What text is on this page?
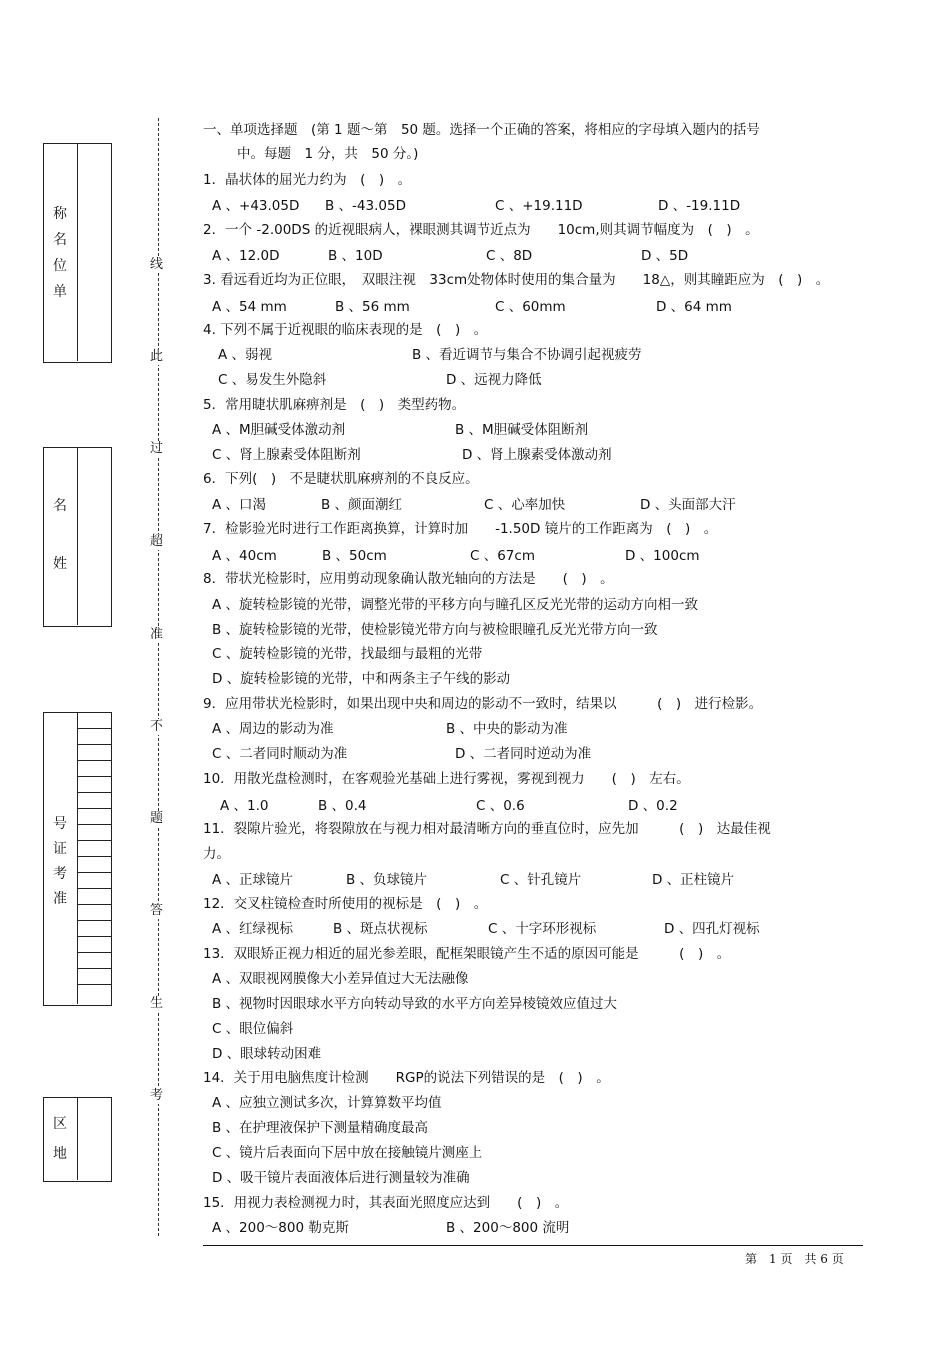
称
名
位
单
名
姓
号
证
考
准
区
地
线
此
过
超
准
不
题
答
生
考
一、单项选择题　(第 1 题～第　50 题。选择一个正确的答案，将相应的字母填入题内的括号
中。每题　1 分，共　50 分。)
1．晶状体的屈光力约为　(　)　。
A 、+43.05D B 、-43.05D	C 、+19.11D	D 、-19.11D
2．一个 -2.00DS 的近视眼病人，裸眼测其调节近点为　　10cm,则其调节幅度为　(　)　。
A 、12.0D	B 、10D	C 、8D	D 、5D
3. 看远看近均为正位眼，　双眼注视　33cm处物体时使用的集合量为　　18△，则其瞳距应为　(　)　。
A 、54 mm	B 、56 mm	C 、60mm	D 、64 mm
4. 下列不属于近视眼的临床表现的是　(　)　。
A 、弱视	B 、看近调节与集合不协调引起视疲劳
C 、易发生外隐斜	D 、远视力降低
5．常用睫状肌麻痹剂是　(　)　类型药物。
A 、M胆碱受体激动剂	B 、M胆碱受体阻断剂
C 、肾上腺素受体阻断剂	D 、肾上腺素受体激动剂
6．下列(　)　不是睫状肌麻痹剂的不良反应。
A 、口渴	B 、颜面潮红	C 、心率加快	D 、头面部大汗
7．检影验光时进行工作距离换算，计算时加　　-1.50D 镜片的工作距离为　(　)　。
A 、40cm	B 、50cm	C 、67cm	D 、100cm
8．带状光检影时，应用剪动现象确认散光轴向的方法是　　(　)　。
A 、旋转检影镜的光带，调整光带的平移方向与瞳孔区反光光带的运动方向相一致
B 、旋转检影镜的光带，使检影镜光带方向与被检眼瞳孔反光光带方向一致
C 、旋转检影镜的光带，找最细与最粗的光带
D 、旋转检影镜的光带，中和两条主子午线的影动
9．应用带状光检影时，如果出现中央和周边的影动不一致时，结果以　　　(　)　进行检影。
A 、周边的影动为准	B 、中央的影动为准
C 、二者同时顺动为准	D 、二者同时逆动为准
10．用散光盘检测时，在客观验光基础上进行雾视，雾视到视力　　(　)　左右。
A 、1.0	B 、0.4	C 、0.6	D 、0.2
11．裂隙片验光，将裂隙放在与视力相对最清晰方向的垂直位时，应先加　　　(　)　达最佳视
力。
A 、正球镜片	B 、负球镜片	C 、针孔镜片	D 、正柱镜片
12．交叉柱镜检查时所使用的视标是　(　)　。
A 、红绿视标	B 、斑点状视标	C 、十字环形视标	D 、四孔灯视标
13．双眼矫正视力相近的屈光参差眼，配框架眼镜产生不适的原因可能是　　　(　)　。
A 、双眼视网膜像大小差异值过大无法融像
B 、视物时因眼球水平方向转动导致的水平方向差异棱镜效应值过大
C 、眼位偏斜
D 、眼球转动困难
14．关于用电脑焦度计检测　　RGP的说法下列错误的是　(　)　。
A 、应独立测试多次，计算算数平均值
B 、在护理液保护下测量精确度最高
C 、镜片后表面向下居中放在接触镜片测座上
D 、吸干镜片表面液体后进行测量较为准确
15．用视力表检测视力时，其表面光照度应达到　　(　)　。
A 、200～800 勒克斯	B 、200～800 流明
第　1 页　共 6 页
